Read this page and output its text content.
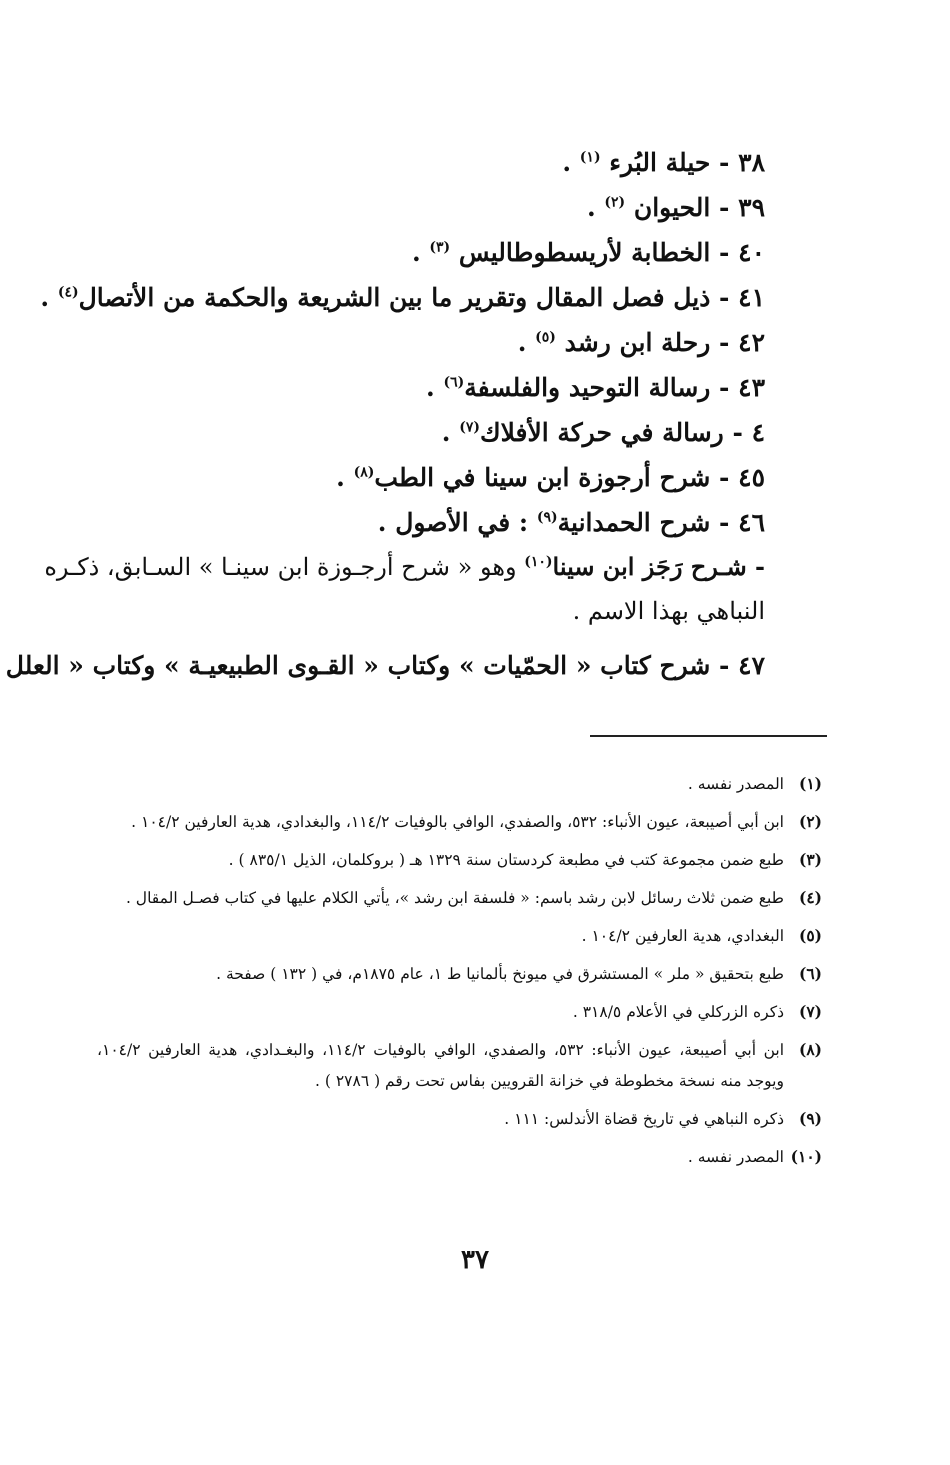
٣٨ - حيلة البُرء $^{(١)}$ .
٣٩ - الحيوان $^{(٢)}$ .
٤٠ - الخطابة لأريسطوطاليس $^{(٣)}$ .
٤١ - ذيل فصل المقال وتقرير ما بين الشريعة والحكمة من الأتصال$^{(٤)}$ .
٤٢ - رحلة ابن رشد $^{(٥)}$ .
٤٣ - رسالة التوحيد والفلسفة$^{(٦)}$ .
٤ - رسالة في حركة الأفلاك$^{(٧)}$ .
٤٥ - شرح أرجوزة ابن سينا في الطب$^{(٨)}$ .
٤٦ - شرح الحمدانية$^{(٩)}$ : في الأصول .
- شـرح رَجَز ابن سينا$^{(١٠)}$ وهو « شرح أرجـوزة ابن سينـا » السـابق، ذكـره النباهي بهذا الاسم .
٤٧ - شرح كتاب « الحمّيات » وكتاب « القـوى الطبيعيـة » وكتاب « العلل
(١)المصدر نفسه .
(٢)ابن أبي أصيبعة، عيون الأنباء: ٥٣٢، والصفدي، الوافي بالوفيات ١١٤/٢، والبغدادي، هدية العارفين ١٠٤/٢ .
(٣)طبع ضمن مجموعة كتب في مطبعة كردستان سنة ١٣٢٩ هـ ( بروكلمان، الذيل ٨٣٥/١ ) .
(٤)طبع ضمن ثلاث رسائل لابن رشد باسم: « فلسفة ابن رشد »، يأتي الكلام عليها في كتاب فصـل المقال .
(٥)البغدادي، هدية العارفين ١٠٤/٢ .
(٦)طبع بتحقيق « ملر » المستشرق في ميونخ بألمانيا ط ١، عام ١٨٧٥م، في ( ١٣٢ ) صفحة .
(٧)ذكره الزركلي في الأعلام ٣١٨/٥ .
(٨)ابن أبي أصيبعة، عيون الأنباء: ٥٣٢، والصفدي، الوافي بالوفيات ١١٤/٢، والبغـدادي، هدية العارفين ١٠٤/٢، ويوجد منه نسخة مخطوطة في خزانة القرويين بفاس تحت رقم ( ٢٧٨٦ ) .
(٩)ذكره النباهي في تاريخ قضاة الأندلس: ١١١ .
(١٠)المصدر نفسه .
٣٧
